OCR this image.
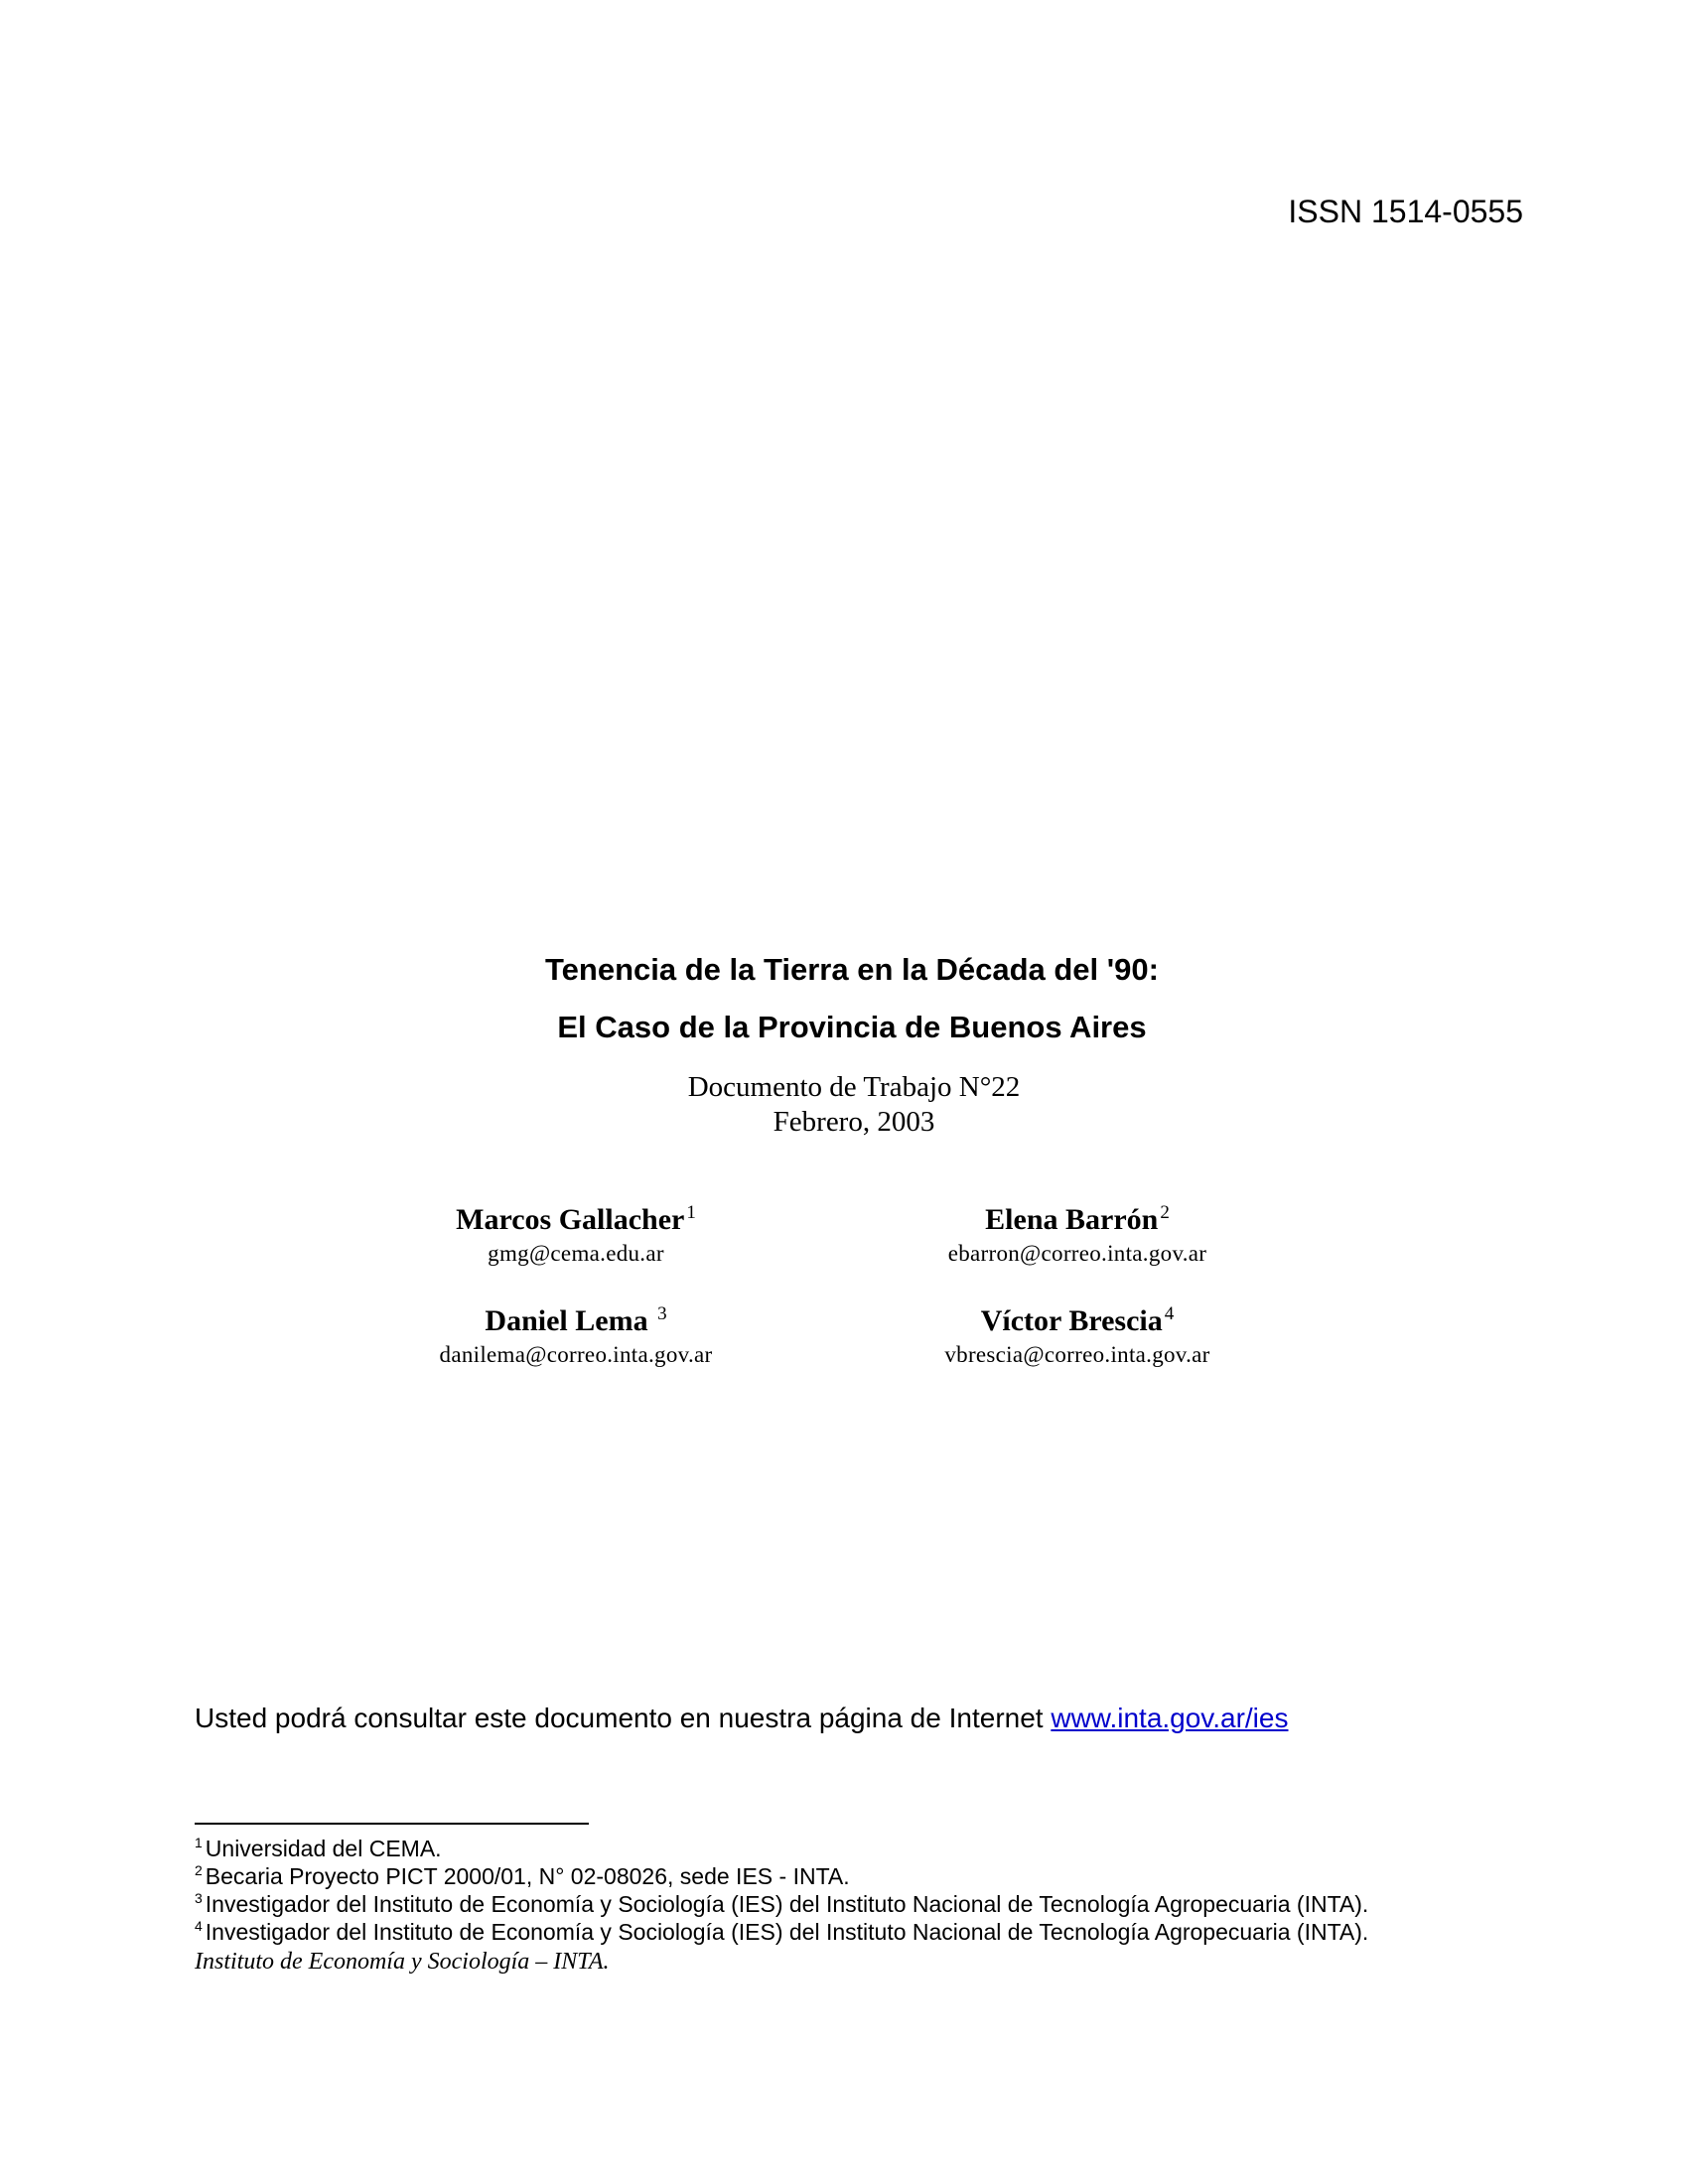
ISSN 1514-0555
Tenencia de la Tierra en la Década del '90:
El Caso de la Provincia de Buenos Aires
Documento de Trabajo N°22
Febrero, 2003
Marcos Gallacher $^1$
gmg@cema.edu.ar
Elena Barrón $^2$
ebarron@correo.inta.gov.ar
Daniel Lema $^3$
danilema@correo.inta.gov.ar
Víctor Brescia $^4$
vbrescia@correo.inta.gov.ar
Usted podrá consultar este documento en nuestra página de Internet www.inta.gov.ar/ies
$^1$ Universidad del CEMA.
$^2$ Becaria Proyecto PICT 2000/01, N° 02-08026, sede IES - INTA.
$^3$ Investigador del Instituto de Economía y Sociología (IES) del Instituto Nacional de Tecnología Agropecuaria (INTA).
$^4$ Investigador del Instituto de Economía y Sociología (IES) del Instituto Nacional de Tecnología Agropecuaria (INTA).
Instituto de Economía y Sociología – INTA.
